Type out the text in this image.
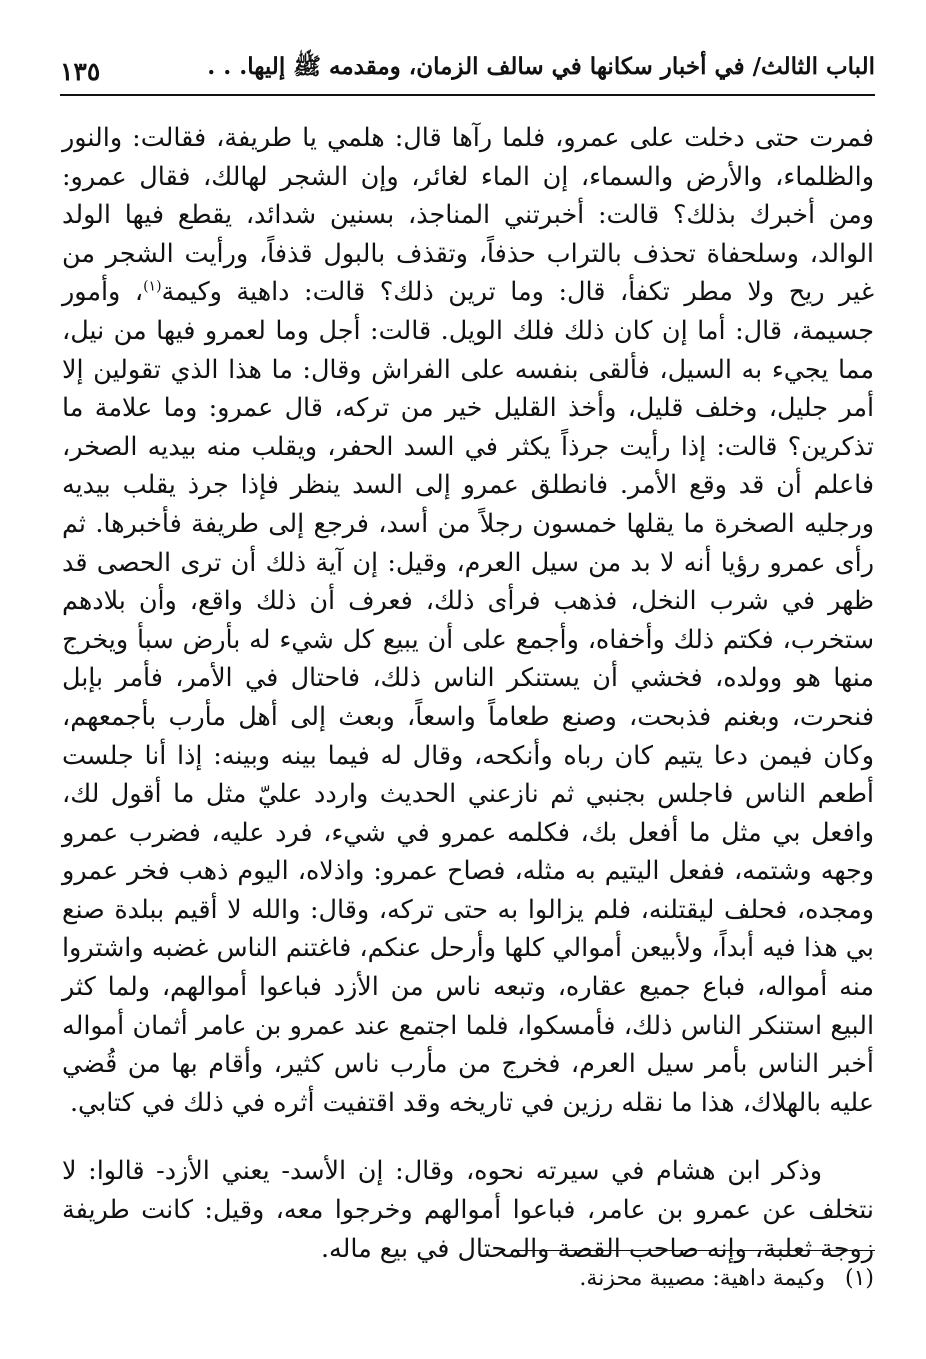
الباب الثالث/ في أخبار سكانها في سالف الزمان، ومقدمه ﷺ إليها. . .
١٣٥

فمرت حتى دخلت على عمرو، فلما رآها قال: هلمي يا طريفة، فقالت: والنور والظلماء، والأرض والسماء، إن الماء لغائر، وإن الشجر لهالك، فقال عمرو: ومن أخبرك بذلك؟ قالت: أخبرتني المناجذ، بسنين شدائد، يقطع فيها الولد الوالد، وسلحفاة تحذف بالتراب حذفاً، وتقذف بالبول قذفاً، ورأيت الشجر من غير ريح ولا مطر تكفأ، قال: وما ترين ذلك؟ قالت: داهية وكيمة$^{(١)}$، وأمور جسيمة، قال: أما إن كان ذلك فلك الويل. قالت: أجل وما لعمرو فيها من نيل، مما يجيء به السيل، فألقى بنفسه على الفراش وقال: ما هذا الذي تقولين إلا أمر جليل، وخلف قليل، وأخذ القليل خير من تركه، قال عمرو: وما علامة ما تذكرين؟ قالت: إذا رأيت جرذاً يكثر في السد الحفر، ويقلب منه بيديه الصخر، فاعلم أن قد وقع الأمر. فانطلق عمرو إلى السد ينظر فإذا جرذ يقلب بيديه ورجليه الصخرة ما يقلها خمسون رجلاً من أسد، فرجع إلى طريفة فأخبرها. ثم رأى عمرو رؤيا أنه لا بد من سيل العرم، وقيل: إن آية ذلك أن ترى الحصى قد ظهر في شرب النخل، فذهب فرأى ذلك، فعرف أن ذلك واقع، وأن بلادهم ستخرب، فكتم ذلك وأخفاه، وأجمع على أن يبيع كل شيء له بأرض سبأ ويخرج منها هو وولده، فخشي أن يستنكر الناس ذلك، فاحتال في الأمر، فأمر بإبل فنحرت، وبغنم فذبحت، وصنع طعاماً واسعاً، وبعث إلى أهل مأرب بأجمعهم، وكان فيمن دعا يتيم كان رباه وأنكحه، وقال له فيما بينه وبينه: إذا أنا جلست أطعم الناس فاجلس بجنبي ثم نازعني الحديث واردد عليّ مثل ما أقول لك، وافعل بي مثل ما أفعل بك، فكلمه عمرو في شيء، فرد عليه، فضرب عمرو وجهه وشتمه، ففعل اليتيم به مثله، فصاح عمرو: واذلاه، اليوم ذهب فخر عمرو ومجده، فحلف ليقتلنه، فلم يزالوا به حتى تركه، وقال: والله لا أقيم ببلدة صنع بي هذا فيه أبداً، ولأبيعن أموالي كلها وأرحل عنكم، فاغتنم الناس غضبه واشتروا منه أمواله، فباع جميع عقاره، وتبعه ناس من الأزد فباعوا أموالهم، ولما كثر البيع استنكر الناس ذلك، فأمسكوا، فلما اجتمع عند عمرو بن عامر أثمان أمواله أخبر الناس بأمر سيل العرم، فخرج من مأرب ناس كثير، وأقام بها من قُضي عليه بالهلاك، هذا ما نقله رزين في تاريخه وقد اقتفيت أثره في ذلك في كتابي.

وذكر ابن هشام في سيرته نحوه، وقال: إن الأسد- يعني الأزد- قالوا: لا نتخلف عن عمرو بن عامر، فباعوا أموالهم وخرجوا معه، وقيل: كانت طريفة زوجة ثعلبة، وإنه صاحب القصة والمحتال في بيع ماله.

(١)وكيمة داهية: مصيبة محزنة.
